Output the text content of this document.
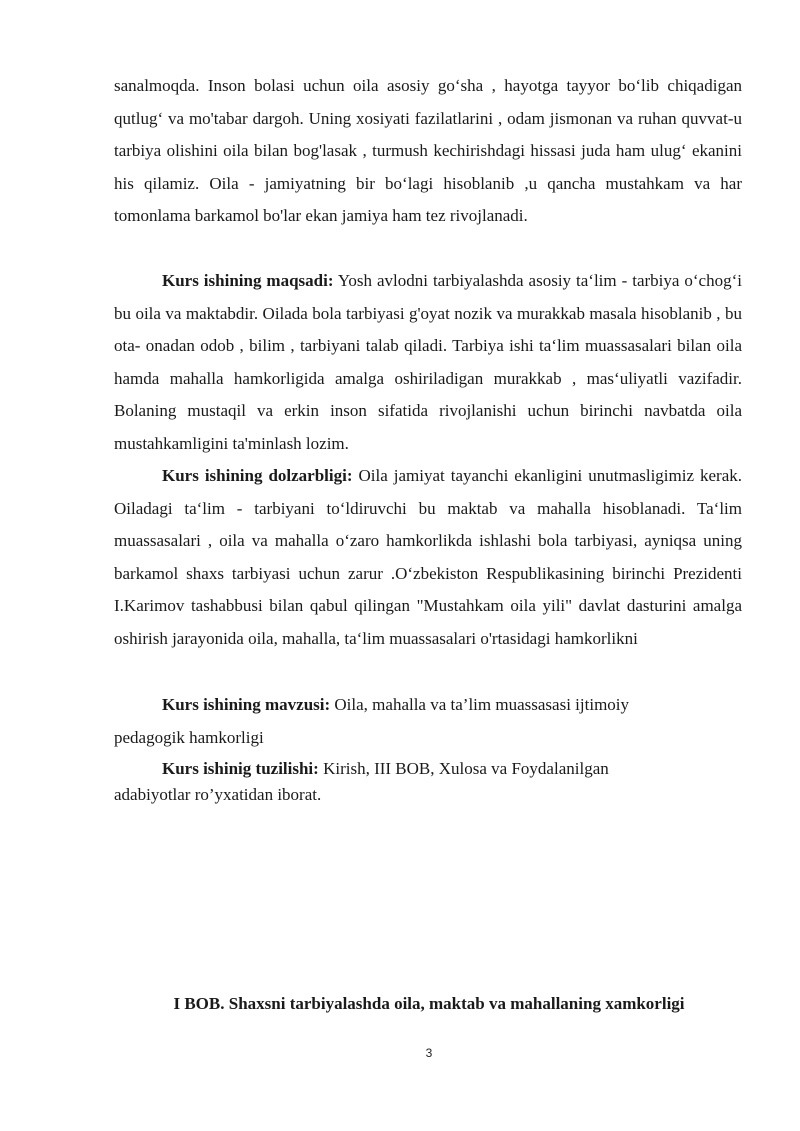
sanalmoqda. Inson bolasi uchun oila asosiy go‘sha , hayotga tayyor bo‘lib chiqadigan qutlug‘ va mo'tabar dargoh. Uning xosiyati fazilatlarini , odam jismonan va ruhan quvvat-u tarbiya olishini oila bilan bog'lasak , turmush kechirishdagi hissasi juda ham ulug‘ ekanini his qilamiz. Oila - jamiyatning bir bo‘lagi hisoblanib ,u qancha mustahkam va har tomonlama barkamol bo'lar ekan jamiya ham tez rivojlanadi.

Kurs ishining maqsadi: Yosh avlodni tarbiyalashda asosiy ta‘lim - tarbiya o‘chog‘i bu oila va maktabdir. Oilada bola tarbiyasi g'oyat nozik va murakkab masala hisoblanib , bu ota- onadan odob , bilim , tarbiyani talab qiladi. Tarbiya ishi ta‘lim muassasalari bilan oila hamda mahalla hamkorligida amalga oshiriladigan murakkab , mas‘uliyatli vazifadir. Bolaning mustaqil va erkin inson sifatida rivojlanishi uchun birinchi navbatda oila mustahkamligini ta'minlash lozim.

Kurs ishining dolzarbligi: Oila jamiyat tayanchi ekanligini unutmasligimiz kerak. Oiladagi ta‘lim - tarbiyani to‘ldiruvchi bu maktab va mahalla hisoblanadi. Ta‘lim muassasalari , oila va mahalla o‘zaro hamkorlikda ishlashi bola tarbiyasi, ayniqsa uning barkamol shaxs tarbiyasi uchun zarur .O‘zbekiston Respublikasining birinchi Prezidenti I.Karimov tashabbusi bilan qabul qilingan "Mustahkam oila yili" davlat dasturini amalga oshirish jarayonida oila, mahalla, ta‘lim muassasalari o'rtasidagi hamkorlikni

Kurs ishining mavzusi: Oila, mahalla va ta’lim muassasasi ijtimoiy pedagogik hamkorligi

Kurs ishinig tuzilishi: Kirish, III BOB, Xulosa va Foydalanilgan adabiyotlar ro’yxatidan iborat.

I BOB. Shaxsni tarbiyalashda oila, maktab va mahallaning xamkorligi
3
